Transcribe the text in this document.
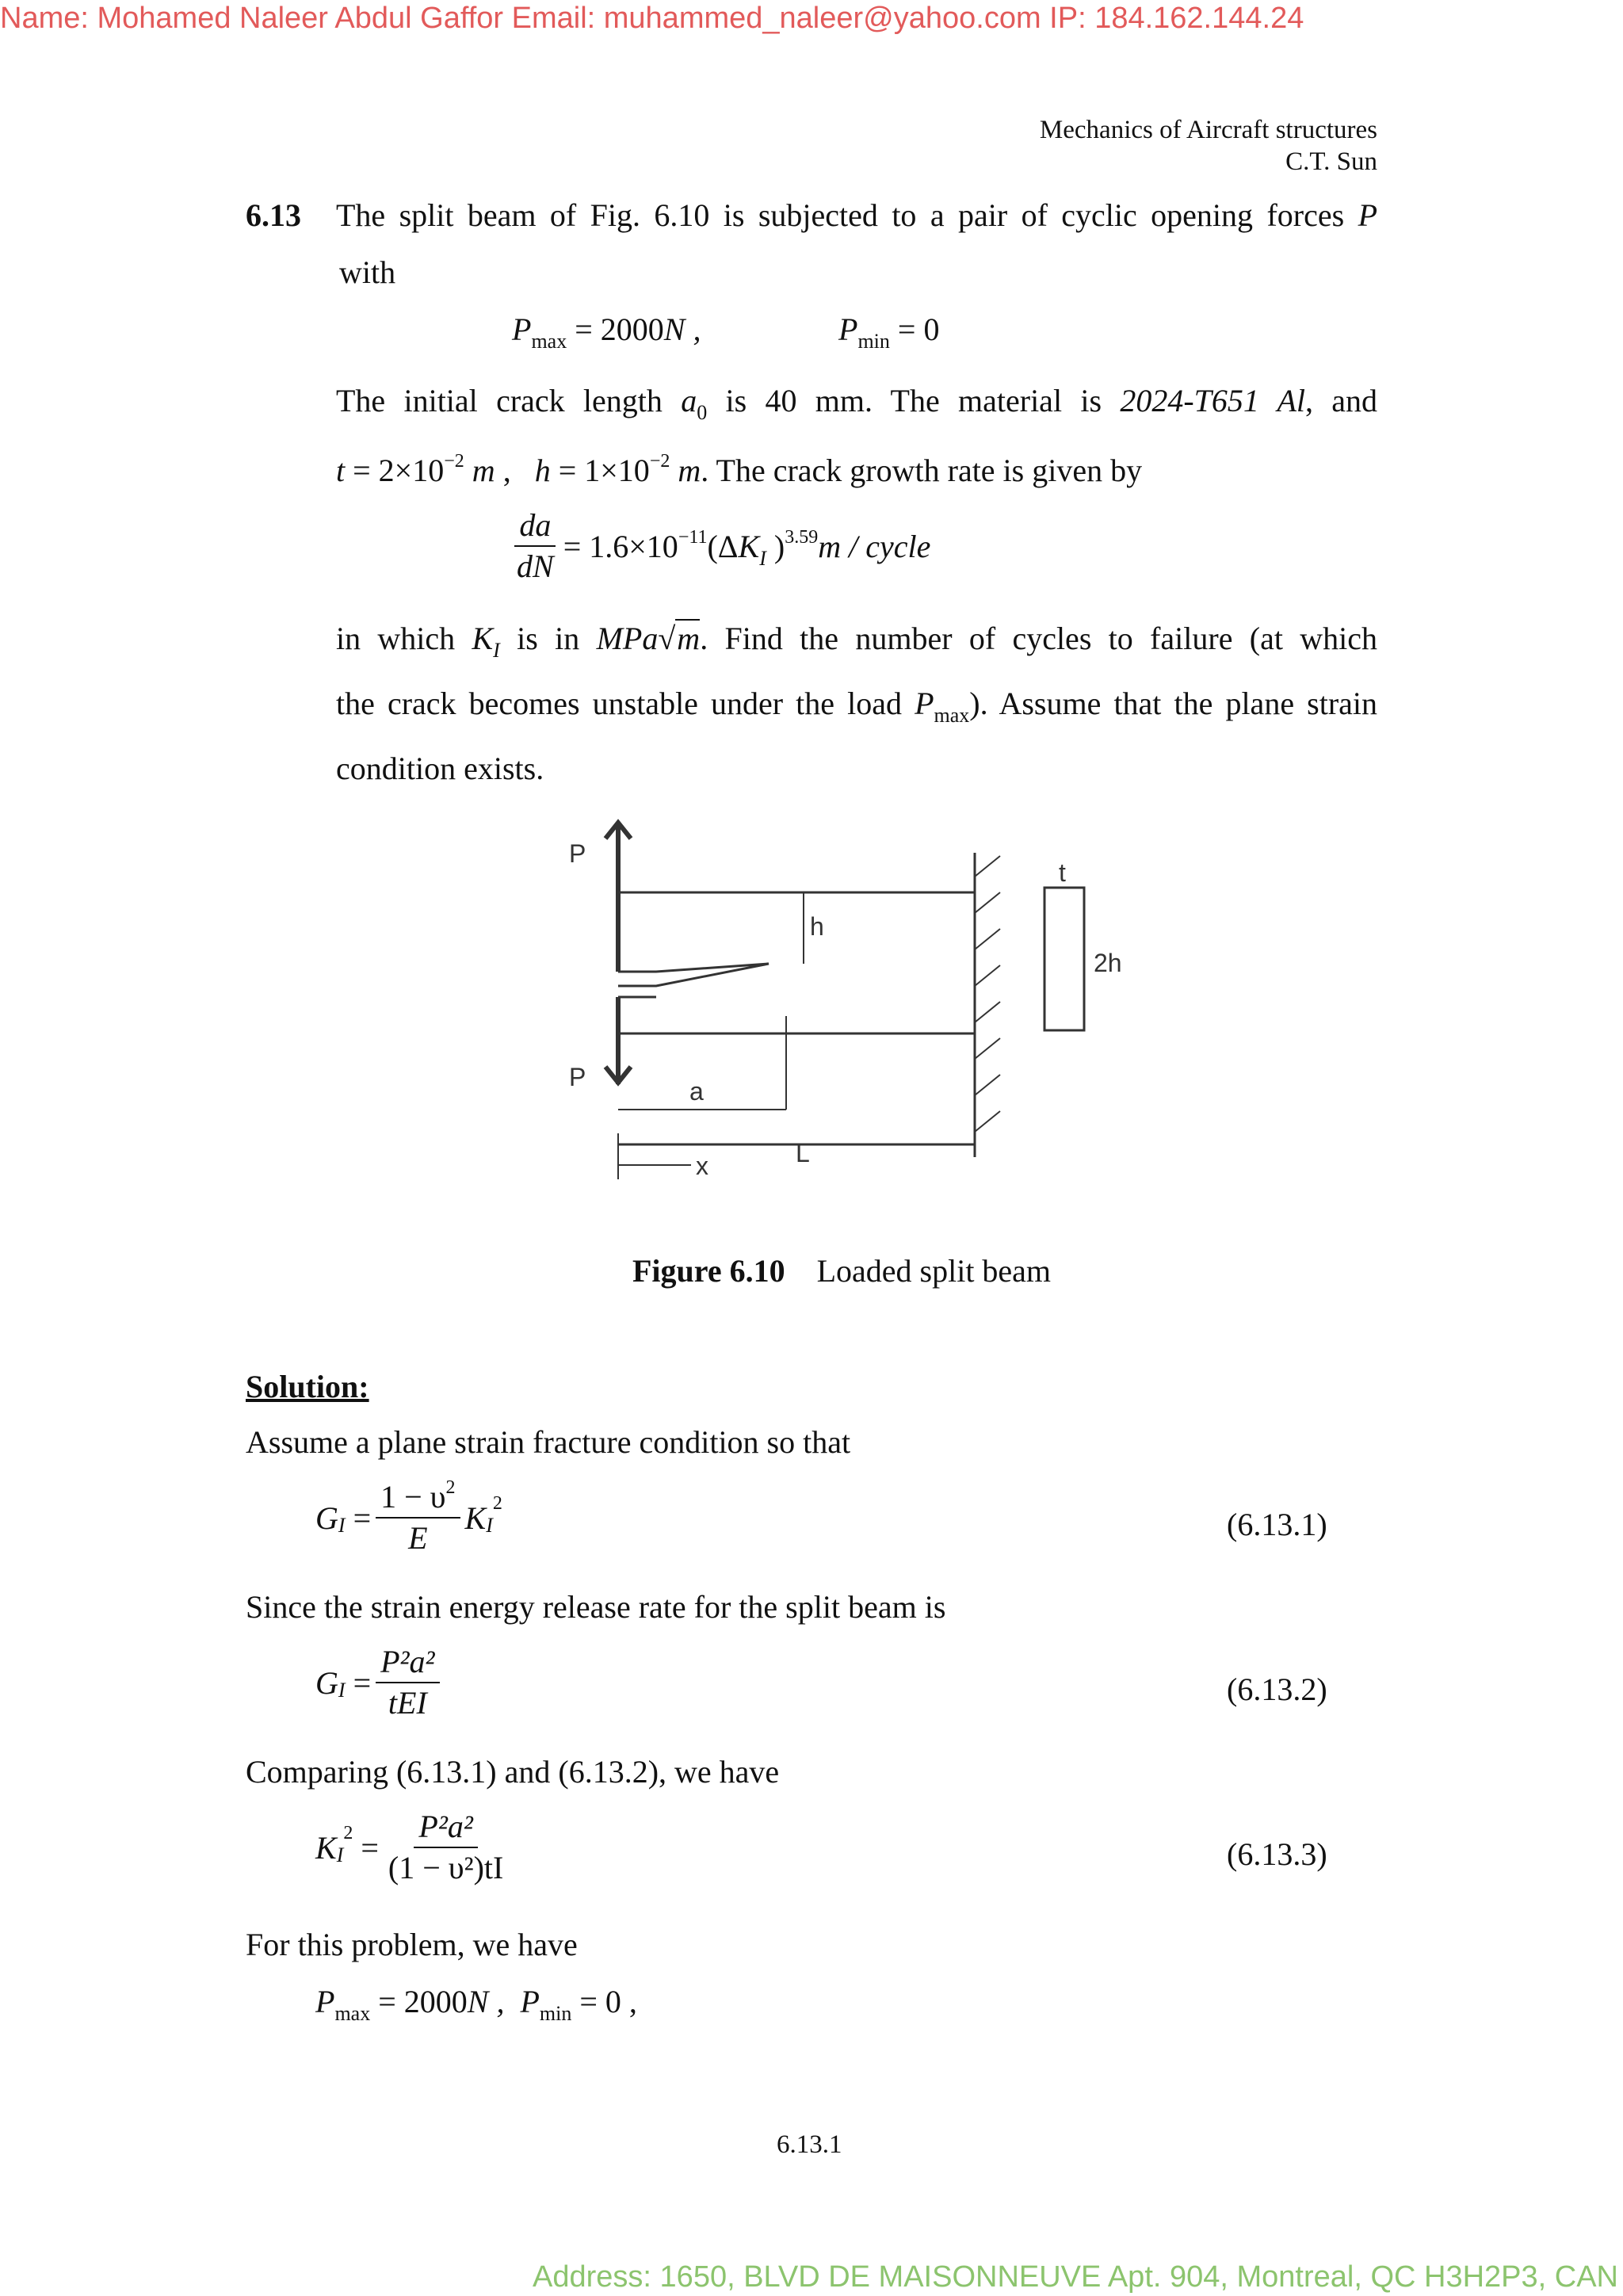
Name: Mohamed Naleer Abdul Gaffor Email: muhammed_naleer@yahoo.com IP: 184.162.144.24
Address: 1650, BLVD DE MAISONNEUVE Apt. 904, Montreal, QC H3H2P3, CAN
Mechanics of Aircraft structures
C.T. Sun
6.13 The split beam of Fig. 6.10 is subjected to a pair of cyclic opening forces P
with
$P_{max} = 2000N$ ,	$P_{min} = 0$
The initial crack length $a_0$ is 40 mm. The material is 2024-T651 Al, and
$t = 2\times 10^{-2}$ m ,   $h = 1\times 10^{-2}$ m. The crack growth rate is given by
$\frac{da}{dN} = 1.6\times 10^{-11}(\Delta K_I$ )$^{3.59}$m / cycle
in which $K_I$ is in MPa√m. Find the number of cycles to failure (at which
the crack becomes unstable under the load $P_{max}$). Assume that the plane strain
condition exists.
P
P
h
a
x	L
t
2h
Figure 6.10 Loaded split beam
Solution:
Assume a plane strain fracture condition so that
G $I = \frac{1 - \upsilon^2}{E}$ K I
2
(6.13.1)
Since the strain energy release rate for the split beam is
G $I = \frac{\text{P²a²}}{\text{tEI}}$	(6.13.2)
Comparing (6.13.1) and (6.13.2), we have
K I
$2 = \frac{\text{P²a²}}{\text{(1 − υ²)tI}}$	(6.13.3)
For this problem, we have
$P_{max} = 2000N$ , $P_{min} = 0$ ,
6.13.1
